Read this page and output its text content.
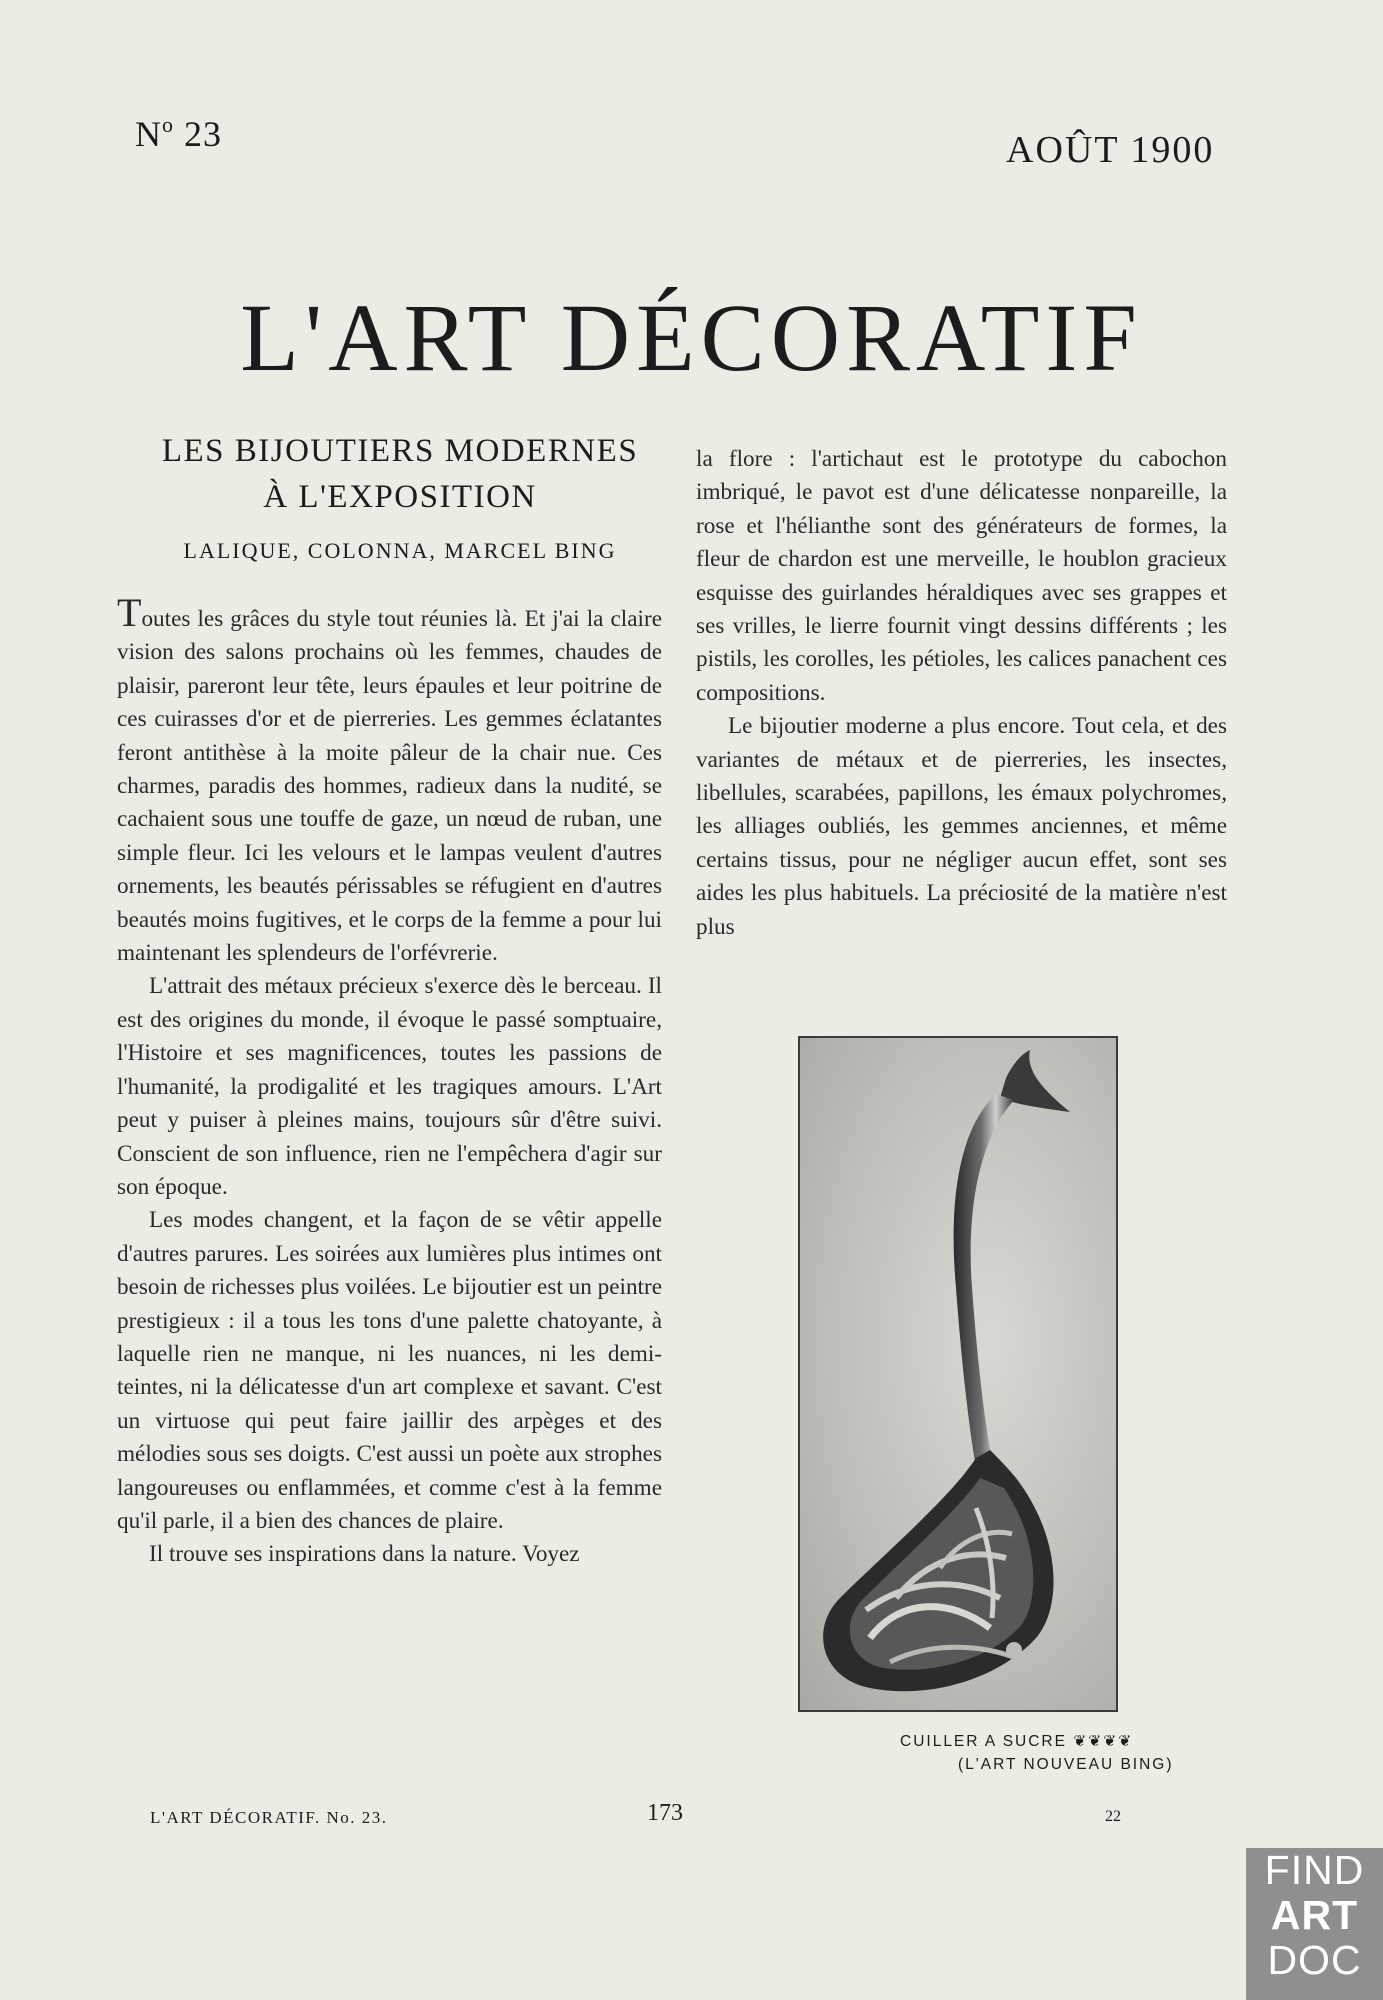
$N^o$ 23	AOÛT 1900
L'ART DÉCORATIF
LES BIJOUTIERS MODERNES
À L'EXPOSITION
LALIQUE, COLONNA, MARCEL BING

Toutes les grâces du style tout réunies là. Et j'ai la claire vision des salons prochains où les femmes, chaudes de plaisir, pareront leur tête, leurs épaules et leur poitrine de ces cuirasses d'or et de pierreries. Les gemmes éclatantes feront antithèse à la moite pâleur de la chair nue. Ces charmes, paradis des hommes, radieux dans la nudité, se cachaient sous une touffe de gaze, un nœud de ruban, une simple fleur. Ici les velours et le lampas veulent d'autres ornements, les beautés périssables se réfugient en d'autres beautés moins fugitives, et le corps de la femme a pour lui maintenant les splendeurs de l'orfévrerie.

L'attrait des métaux précieux s'exerce dès le berceau. Il est des origines du monde, il évoque le passé somptuaire, l'Histoire et ses magnificences, toutes les passions de l'humanité, la prodigalité et les tragiques amours. L'Art peut y puiser à pleines mains, toujours sûr d'être suivi. Conscient de son influence, rien ne l'empêchera d'agir sur son époque.

Les modes changent, et la façon de se vêtir appelle d'autres parures. Les soirées aux lumières plus intimes ont besoin de richesses plus voilées. Le bijoutier est un peintre prestigieux : il a tous les tons d'une palette chatoyante, à laquelle rien ne manque, ni les nuances, ni les demi-teintes, ni la délicatesse d'un art complexe et savant. C'est un virtuose qui peut faire jaillir des arpèges et des mélodies sous ses doigts. C'est aussi un poète aux strophes langoureuses ou enflammées, et comme c'est à la femme qu'il parle, il a bien des chances de plaire.

Il trouve ses inspirations dans la nature. Voyez

la flore : l'artichaut est le prototype du cabochon imbriqué, le pavot est d'une délicatesse nonpareille, la rose et l'hélianthe sont des générateurs de formes, la fleur de chardon est une merveille, le houblon gracieux esquisse des guirlandes héraldiques avec ses grappes et ses vrilles, le lierre fournit vingt dessins différents ; les pistils, les corolles, les pétioles, les calices panachent ces compositions.

Le bijoutier moderne a plus encore. Tout cela, et des variantes de métaux et de pierreries, les insectes, libellules, scarabées, papillons, les émaux polychromes, les alliages oubliés, les gemmes anciennes, et même certains tissus, pour ne négliger aucun effet, sont ses aides les plus habituels. La préciosité de la matière n'est plus

CUILLER A SUCRE ❦❦❦❦
(L'ART NOUVEAU BING)
L'ART DÉCORATIF. No. 23.	173	22
FIND
ART
DOC
